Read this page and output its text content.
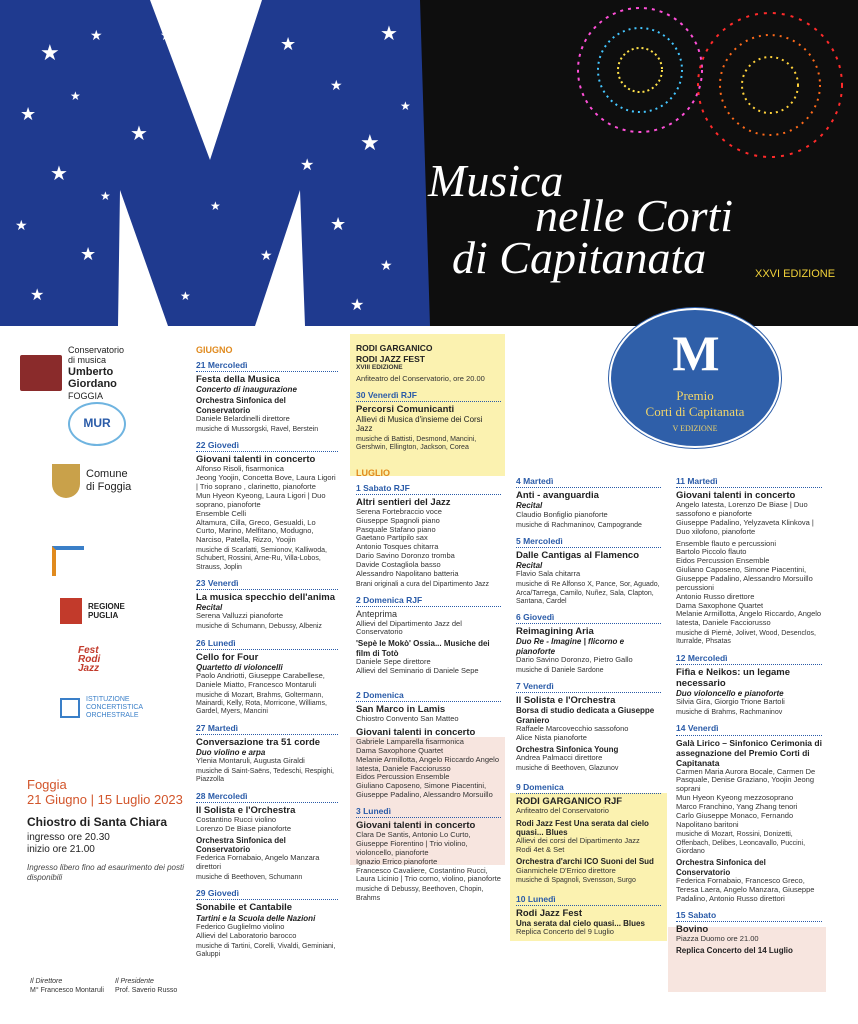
★
★
★
★
★
★
★
★
★
★
★
★
★
★
★
★
★
★
★
★
★
★
★
★
Musica
nelle Corti
di Capitanata	XXVI EDIZIONE
M
Premio
Corti di Capitanata
V EDIZIONE
Conservatorio
di musica
Umberto
Giordano
FOGGIA
MUR
Comune
di Foggia
REGIONE
PUGLIA
Fest
Rodi
Jazz
ISTITUZIONE
CONCERTISTICA
ORCHESTRALE
Foggia
21 Giugno | 15 Luglio 2023
Chiostro di Santa Chiara
ingresso ore 20.30
inizio ore 21.00
Ingresso libero fino ad esaurimento dei posti disponibili
Il Direttore
M° Francesco Montaruli
Il Presidente
Prof. Saverio Russo
GIUGNO
21 Mercoledì
Festa della Musica
Concerto di inaugurazione
Orchestra Sinfonica del Conservatorio
Daniele Belardinelli direttore
musiche di Mussorgski, Ravel, Berstein
22 Giovedì
Giovani talenti in concerto
Alfonso Risoli, fisarmonica
Jeong Yoojin, Concetta Bove, Laura Ligori | Trio soprano , clarinetto, pianoforte
Mun Hyeon Kyeong, Laura Ligori | Duo soprano, pianoforte
Ensemble Celli
Altamura, Cilla, Greco, Gesualdi, Lo Curto, Marino, Melfitano, Modugno, Narciso, Patella, Rizzo, Yoojin
musiche di Scarlatti, Semionov, Kalliwoda, Schubert, Rossini, Arne-Ru, Villa-Lobos, Strauss, Joplin
23 Venerdì
La musica specchio dell'anima
Recital
Serena Valluzzi pianoforte
musiche di Schumann, Debussy, Albeniz
26 Lunedì
Cello for Four
Quartetto di violoncelli
Paolo Andriotti, Giuseppe Carabellese, Daniele Miatto, Francesco Montaruli
musiche di Mozart, Brahms, Goltermann, Mainardi, Kelly, Rota, Morricone, Williams, Gardel, Myers, Mancini
27 Martedì
Conversazione tra 51 corde
Duo violino e arpa
Ylenia Montaruli, Augusta Giraldi
musiche di Saint-Saëns, Tedeschi, Respighi, Piazzolla
28 Mercoledì
Il Solista e l'Orchestra
Costantino Rucci violino
Lorenzo De Biase pianoforte
Orchestra Sinfonica del Conservatorio
Federica Fornabaio, Angelo Manzara direttori
musiche di Beethoven, Schumann
29 Giovedì
Sonabile et Cantabile
Tartini e la Scuola delle Nazioni
Federico Guglielmo violino
Allievi del Laboratorio barocco
musiche di Tartini, Corelli, Vivaldi, Geminiani, Galuppi
RODI GARGANICO
RODI JAZZ FEST
XVIII EDIZIONE
Anfiteatro del Conservatorio, ore 20.00
30 Venerdì RJF
Percorsi Comunicanti
Allievi di Musica d'insieme dei Corsi Jazz
musiche di Battisti, Desmond, Mancini, Gershwin, Ellington, Jackson, Corea
LUGLIO
1 Sabato RJF
Altri sentieri del Jazz
Serena Fortebraccio voce
Giuseppe Spagnoli piano
Pasquale Stafano piano
Gaetano Partipilo sax
Antonio Tosques chitarra
Dario Savino Doronzo tromba
Davide Costagliola basso
Alessandro Napolitano batteria
Brani originali a cura del Dipartimento Jazz
2 Domenica RJF
Anteprima
Allievi del Dipartimento Jazz del Conservatorio
'Sepè le Mokò' Ossia... Musiche dei film di Totò
Daniele Sepe direttore
Allievi del Seminario di Daniele Sepe
2 Domenica
San Marco in Lamis
Chiostro Convento San Matteo
Giovani talenti in concerto
Gabriele Lamparella fisarmonica
Dama Saxophone Quartet
Melanie Armillotta, Angelo Riccardo Angelo Iatesta, Daniele Facciorusso
Eidos Percussion Ensemble
Giuliano Caposeno, Simone Piacentini, Giuseppe Padalino, Alessandro Morsuillo
3 Lunedì
Giovani talenti in concerto
Clara De Santis, Antonio Lo Curto, Giuseppe Fiorentino | Trio violino, violoncello, pianoforte
Ignazio Errico pianoforte
Francesco Cavaliere, Costantino Rucci, Laura Licinio | Trio corno, violino, pianoforte
musiche di Debussy, Beethoven, Chopin, Brahms
4 Martedì
Anti - avanguardia
Recital
Claudio Bonfiglio pianoforte
musiche di Rachmaninov, Campogrande
5 Mercoledì
Dalle Cantigas al Flamenco
Recital
Flavio Sala chitarra
musiche di Re Alfonso X, Pance, Sor, Aguado, Arca/Tarrega, Camilo, Nuñez, Sala, Clapton, Santana, Cardel
6 Giovedì
Reimagining Aria
Duo Re - Imagine | flicorno e pianoforte
Dario Savino Doronzo, Pietro Gallo
musiche di Daniele Sardone
7 Venerdì
Il Solista e l'Orchestra
Borsa di studio dedicata a Giuseppe Graniero
Raffaele Marcovecchio sassofono
Alice Nista pianoforte
Orchestra Sinfonica Young
Andrea Palmacci direttore
musiche di Beethoven, Glazunov
9 Domenica
RODI GARGANICO RJF
Anfiteatro del Conservatorio
Rodi Jazz Fest Una serata dal cielo quasi... Blues
Allievi dei corsi del Dipartimento Jazz
Rodi 4et & Set
Orchestra d'archi ICO Suoni del Sud
Gianmichele D'Errico direttore
musiche di Spagnoli, Svensson, Surgo
10 Lunedì
Rodi Jazz Fest
Una serata dal cielo quasi... Blues
Replica Concerto del 9 Luglio
11 Martedì
Giovani talenti in concerto
Angelo Iatesta, Lorenzo De Biase | Duo sassofono e pianoforte
Giuseppe Padalino, Yelyzaveta Klinkova | Duo xilofono, pianoforte
Ensemble flauto e percussioni
Bartolo Piccolo flauto
Eidos Percussion Ensemble
Giuliano Caposeno, Simone Piacentini, Giuseppe Padalino, Alessandro Morsuillo percussioni
Antonio Russo direttore
Dama Saxophone Quartet
Melanie Armillotta, Angelo Riccardo, Angelo Iatesta, Daniele Facciorusso
musiche di Piernè, Jolivet, Wood, Desenclos, Iturralde, Phsatas
12 Mercoledì
Fifìa e Neikos: un legame necessario
Duo violoncello e pianoforte
Silvia Gira, Giorgio Trione Bartoli
musiche di Brahms, Rachmaninov
14 Venerdì
Galà Lirico – Sinfonico Cerimonia di assegnazione del Premio Corti di Capitanata
Carmen Maria Aurora Bocale, Carmen De Pasquale, Denise Graziano, Yoojin Jeong soprani
Mun Hyeon Kyeong mezzosoprano
Marco Franchino, Yang Zhang tenori
Carlo Giuseppe Monaco, Fernando Napolitano baritoni
musiche di Mozart, Rossini, Donizetti, Offenbach, Delibes, Leoncavallo, Puccini, Giordano
Orchestra Sinfonica del Conservatorio
Federica Fornabaio, Francesco Greco, Teresa Laera, Angelo Manzara, Giuseppe Padalino, Antonio Russo direttori
15 Sabato
Bovino
Piazza Duomo ore 21.00
Replica Concerto del 14 Luglio
